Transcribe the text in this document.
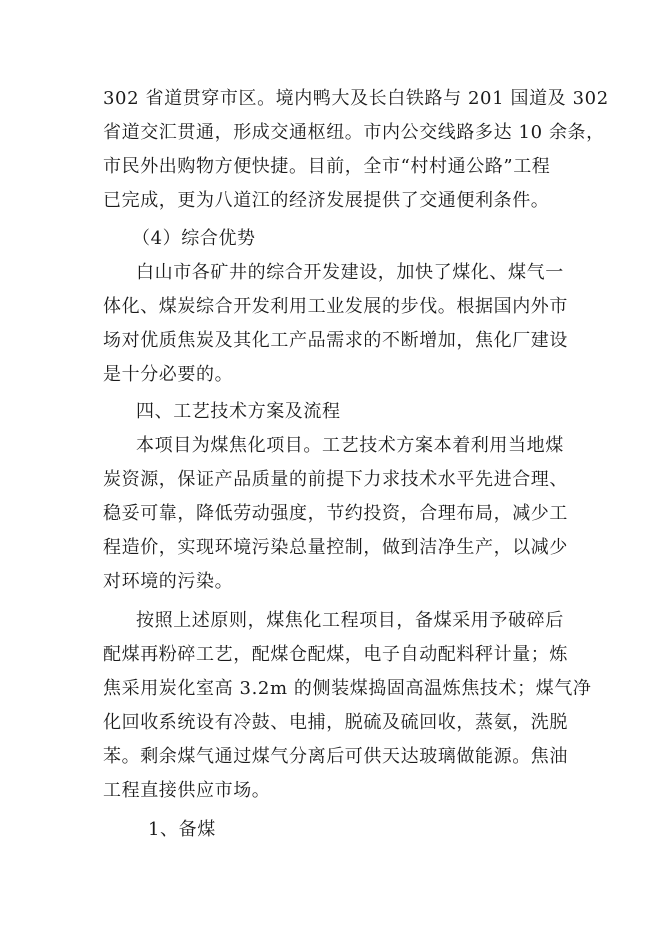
302 省道贯穿市区。境内鸭大及长白铁路与 201 国道及 302
省道交汇贯通，形成交通枢纽。市内公交线路多达 10 余条，
市民外出购物方便快捷。目前，全市“村村通公路”工程
已完成，更为八道江的经济发展提供了交通便利条件。
（4）综合优势
白山市各矿井的综合开发建设，加快了煤化、煤气一
体化、煤炭综合开发利用工业发展的步伐。根据国内外市
场对优质焦炭及其化工产品需求的不断增加，焦化厂建设
是十分必要的。
四、工艺技术方案及流程
本项目为煤焦化项目。工艺技术方案本着利用当地煤
炭资源，保证产品质量的前提下力求技术水平先进合理、
稳妥可靠，降低劳动强度，节约投资，合理布局，减少工
程造价，实现环境污染总量控制，做到洁净生产，以减少
对环境的污染。
按照上述原则，煤焦化工程项目，备煤采用予破碎后
配煤再粉碎工艺，配煤仓配煤，电子自动配料秤计量；炼
焦采用炭化室高 3.2m 的侧装煤捣固高温炼焦技术；煤气净
化回收系统设有冷鼓、电捕，脱硫及硫回收，蒸氨，洗脱
苯。剩余煤气通过煤气分离后可供天达玻璃做能源。焦油
工程直接供应市场。
1、备煤
